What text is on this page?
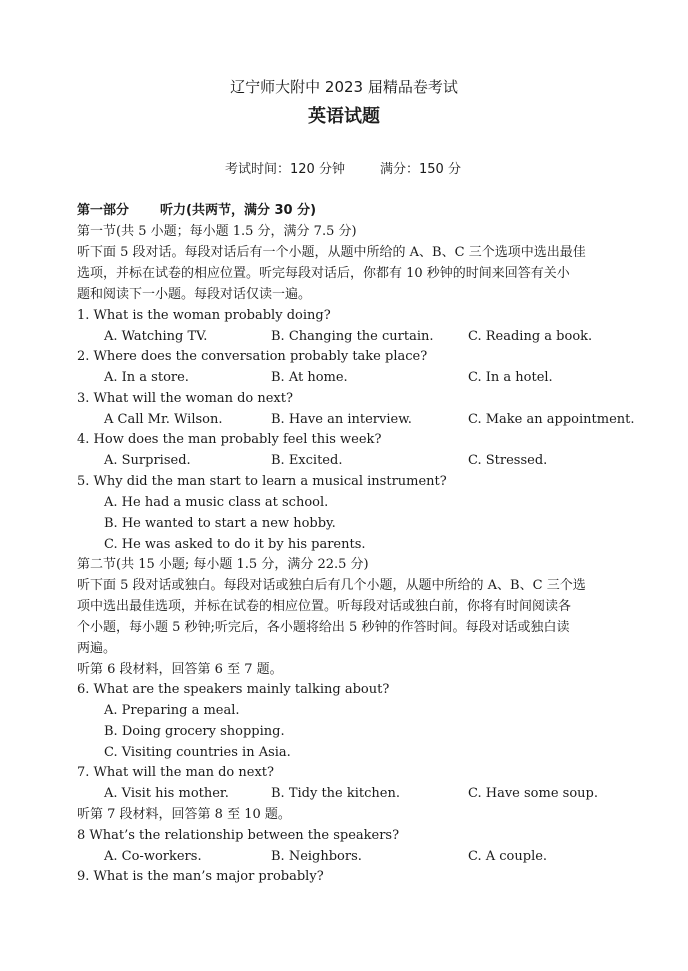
辽宁师大附中 2023 届精品卷考试
英语试题
考试时间：120 分钟	满分：150 分
第一部分 听力(共两节，满分 30 分)
第一节(共 5 小题；每小题 1.5 分，满分 7.5 分)
听下面 5 段对话。每段对话后有一个小题，从题中所给的 A、B、C 三个选项中选出最佳
选项，并标在试卷的相应位置。听完每段对话后，你都有 10 秒钟的时间来回答有关小
题和阅读下一小题。每段对话仅读一遍。
1. What is the woman probably doing?
A. Watching TV.	B. Changing the curtain.	C. Reading a book.
2. Where does the conversation probably take place?
A. In a store.	B. At home.	C. In a hotel.
3. What will the woman do next?
A Call Mr. Wilson.	B. Have an interview.	C. Make an appointment.
4. How does the man probably feel this week?
A. Surprised.	B. Excited.	C. Stressed.
5. Why did the man start to learn a musical instrument?
A. He had a music class at school.
B. He wanted to start a new hobby.
C. He was asked to do it by his parents.
第二节(共 15 小题; 每小题 1.5 分，满分 22.5 分)
听下面 5 段对话或独白。每段对话或独白后有几个小题，从题中所给的 A、B、C 三个选
项中选出最佳选项，并标在试卷的相应位置。听每段对话或独白前，你将有时间阅读各
个小题，每小题 5 秒钟;听完后，各小题将给出 5 秒钟的作答时间。每段对话或独白读
两遍。
听第 6 段材料，回答第 6 至 7 题。
6. What are the speakers mainly talking about?
A. Preparing a meal.
B. Doing grocery shopping.
C. Visiting countries in Asia.
7. What will the man do next?
A. Visit his mother.	B. Tidy the kitchen.	C. Have some soup.
听第 7 段材料，回答第 8 至 10 题。
8 What’s the relationship between the speakers?
A. Co-workers.	B. Neighbors.	C. A couple.
9. What is the man’s major probably?
